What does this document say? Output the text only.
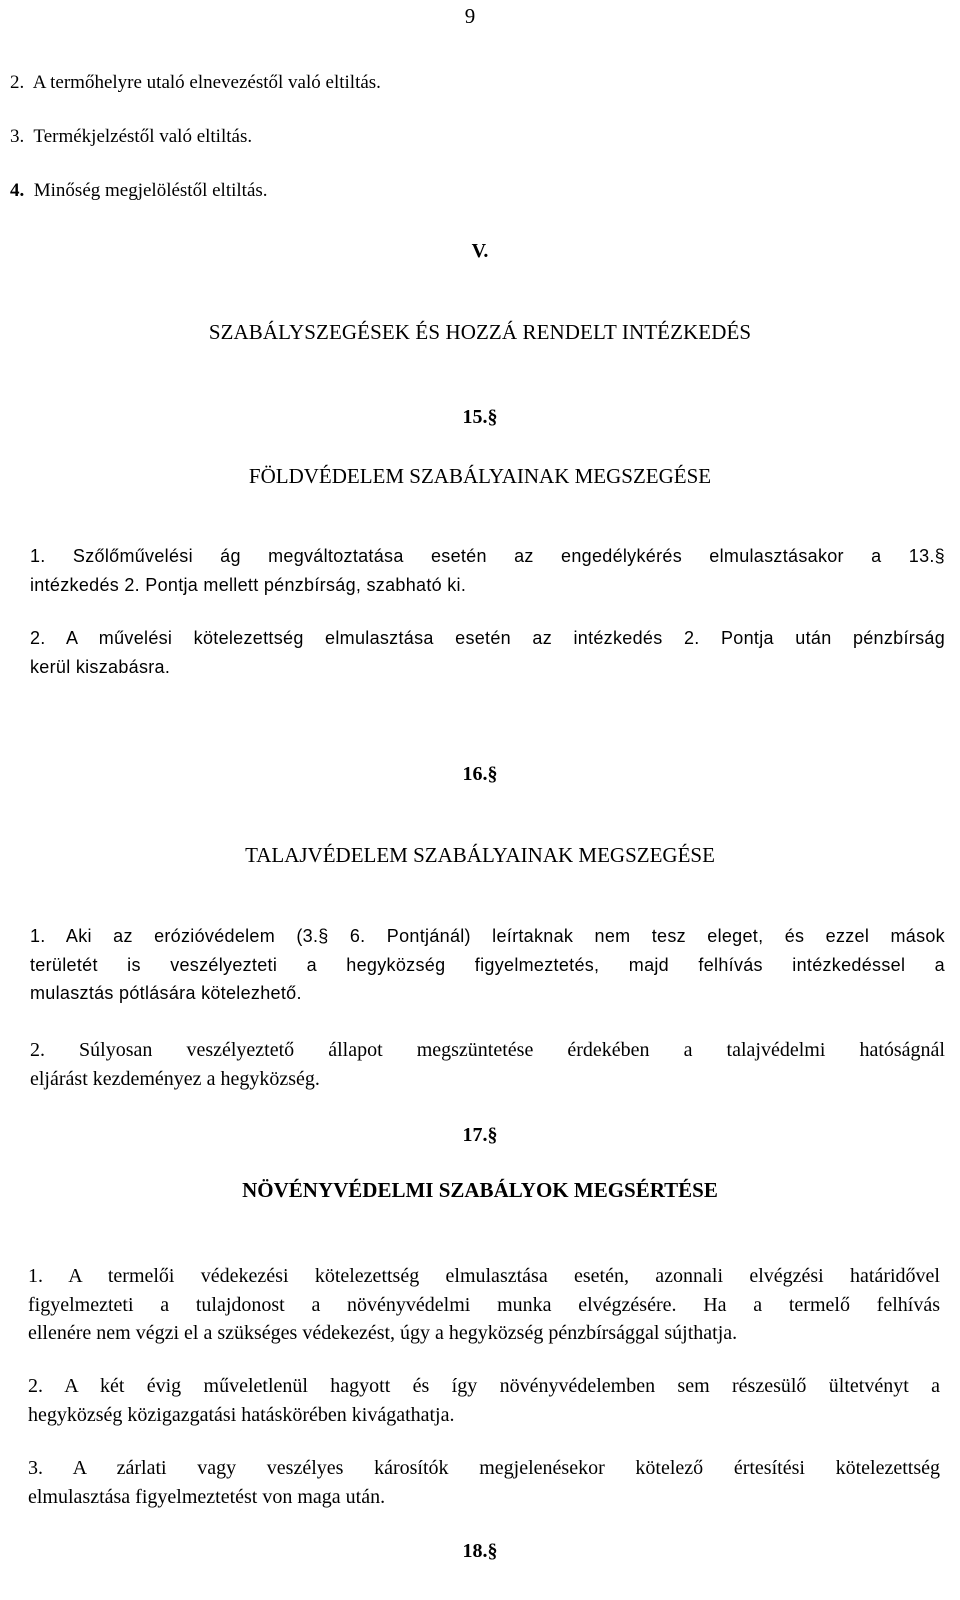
9
2. A termőhelyre utaló elnevezéstől való eltiltás.
3. Termékjelzéstől való eltiltás.
4. Minőség megjelöléstől eltiltás.
V.
SZABÁLYSZEGÉSEK ÉS HOZZÁ RENDELT INTÉZKEDÉS
15.§
FÖLDVÉDELEM SZABÁLYAINAK MEGSZEGÉSE
1. Szőlőművelési ág megváltoztatása esetén az engedélykérés elmulasztásakor a 13.§
intézkedés 2. Pontja mellett pénzbírság, szabható ki.
2. A művelési kötelezettség elmulasztása esetén az intézkedés 2. Pontja után pénzbírság
kerül kiszabásra.
16.§
TALAJVÉDELEM SZABÁLYAINAK MEGSZEGÉSE
1. Aki az erózióvédelem (3.§ 6. Pontjánál) leírtaknak nem tesz eleget, és ezzel mások
területét is veszélyezteti a hegyközség figyelmeztetés, majd felhívás intézkedéssel a
mulasztás pótlására kötelezhető.
2. Súlyosan veszélyeztető állapot megszüntetése érdekében a talajvédelmi hatóságnál
eljárást kezdeményez a hegyközség.
17.§
NÖVÉNYVÉDELMI SZABÁLYOK MEGSÉRTÉSE
1. A termelői védekezési kötelezettség elmulasztása esetén, azonnali elvégzési határidővel
figyelmezteti a tulajdonost a növényvédelmi munka elvégzésére. Ha a termelő felhívás
ellenére nem végzi el a szükséges védekezést, úgy a hegyközség pénzbírsággal sújthatja.
2. A két évig műveletlenül hagyott és így növényvédelemben sem részesülő ültetvényt a
hegyközség közigazgatási hatáskörében kivágathatja.
3. A zárlati vagy veszélyes károsítók megjelenésekor kötelező értesítési kötelezettség
elmulasztása figyelmeztetést von maga után.
18.§
